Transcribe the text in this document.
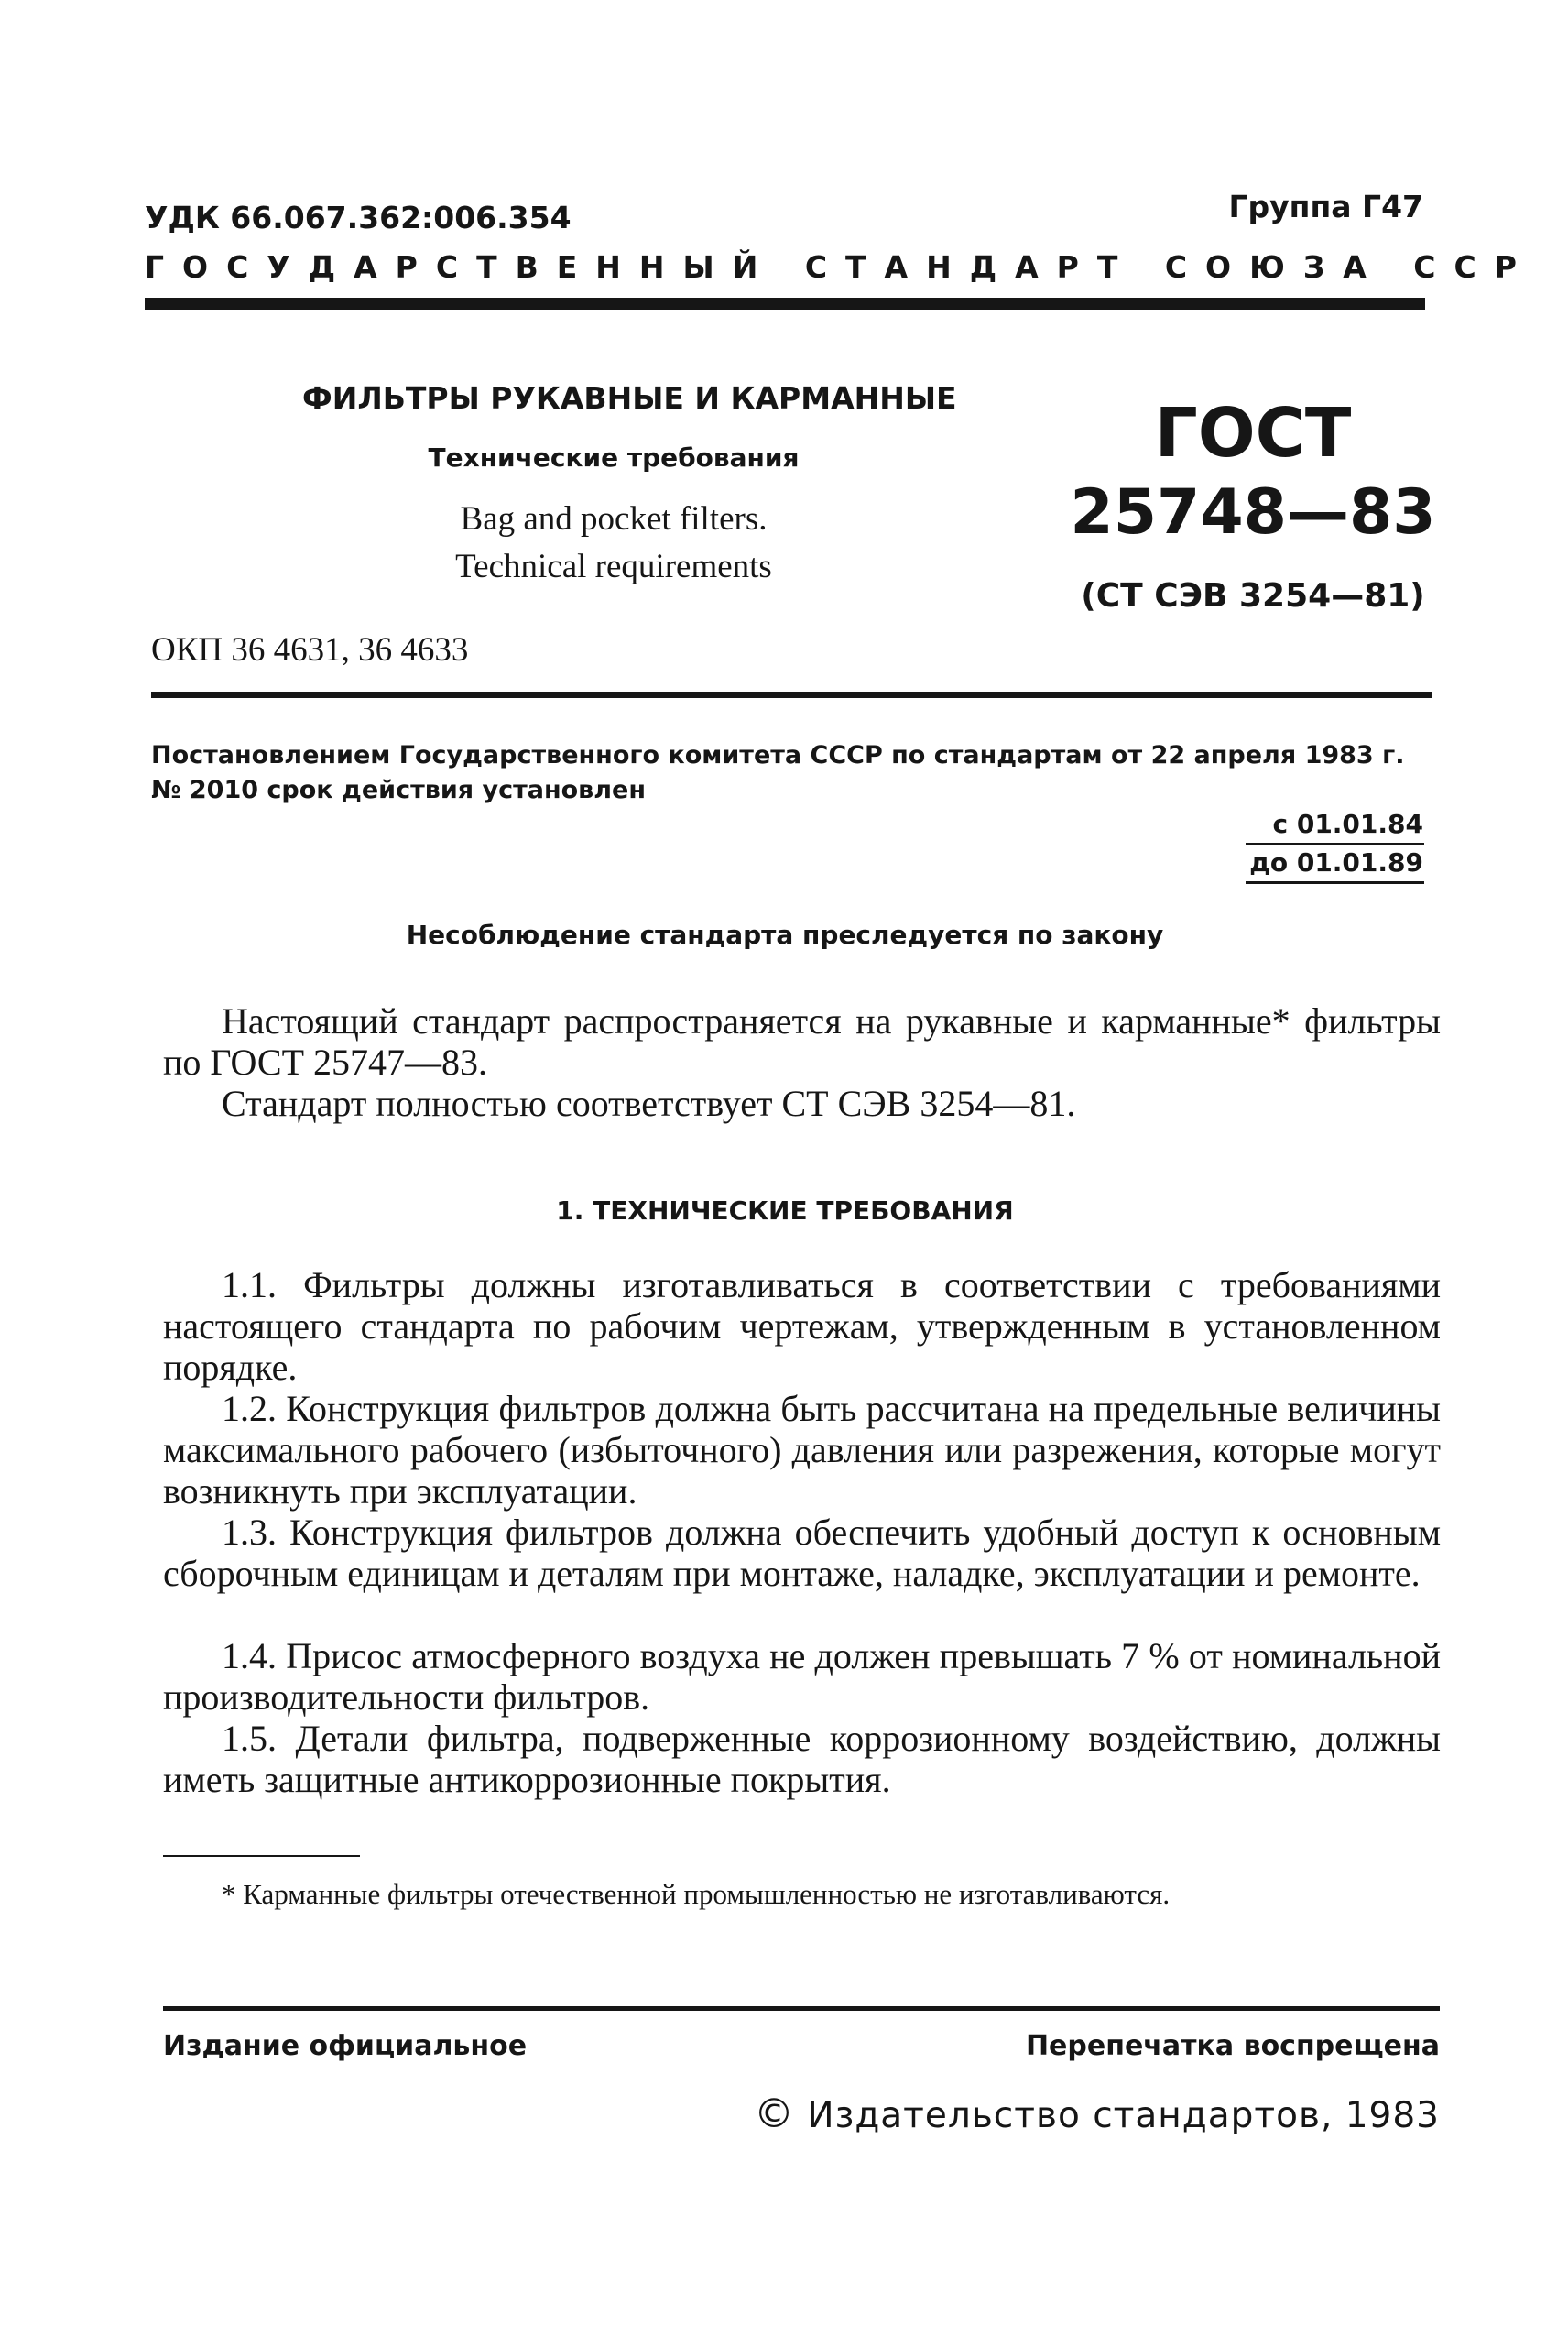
УДК 66.067.362:006.354	Группа Г47
ГОСУДАРСТВЕННЫЙ СТАНДАРТ СОЮЗА ССР
ФИЛЬТРЫ РУКАВНЫЕ И КАРМАННЫЕ
Технические требования
Bag and pocket filters.
Technical requirements
ОКП 36 4631, 36 4633
ГОСТ
25748—83
(СТ СЭВ 3254—81)
Постановлением Государственного комитета СССР по стандартам от 22 апреля 1983 г. № 2010 срок действия установлен
с 01.01.84
до 01.01.89
Несоблюдение стандарта преследуется по закону
Настоящий стандарт распространяется на рукавные и карманные* фильтры по ГОСТ 25747—83.
Стандарт полностью соответствует СТ СЭВ 3254—81.
1. ТЕХНИЧЕСКИЕ ТРЕБОВАНИЯ
1.1. Фильтры должны изготавливаться в соответствии с требованиями настоящего стандарта по рабочим чертежам, утвержденным в установленном порядке.
1.2. Конструкция фильтров должна быть рассчитана на предельные величины максимального рабочего (избыточного) давления или разрежения, которые могут возникнуть при эксплуатации.
1.3. Конструкция фильтров должна обеспечить удобный доступ к основным сборочным единицам и деталям при монтаже, наладке, эксплуатации и ремонте.
1.4. Присос атмосферного воздуха не должен превышать 7 % от номинальной производительности фильтров.
1.5. Детали фильтра, подверженные коррозионному воздействию, должны иметь защитные антикоррозионные покрытия.
* Карманные фильтры отечественной промышленностью не изготавливаются.
Издание официальное	Перепечатка воспрещена
© Издательство стандартов, 1983
